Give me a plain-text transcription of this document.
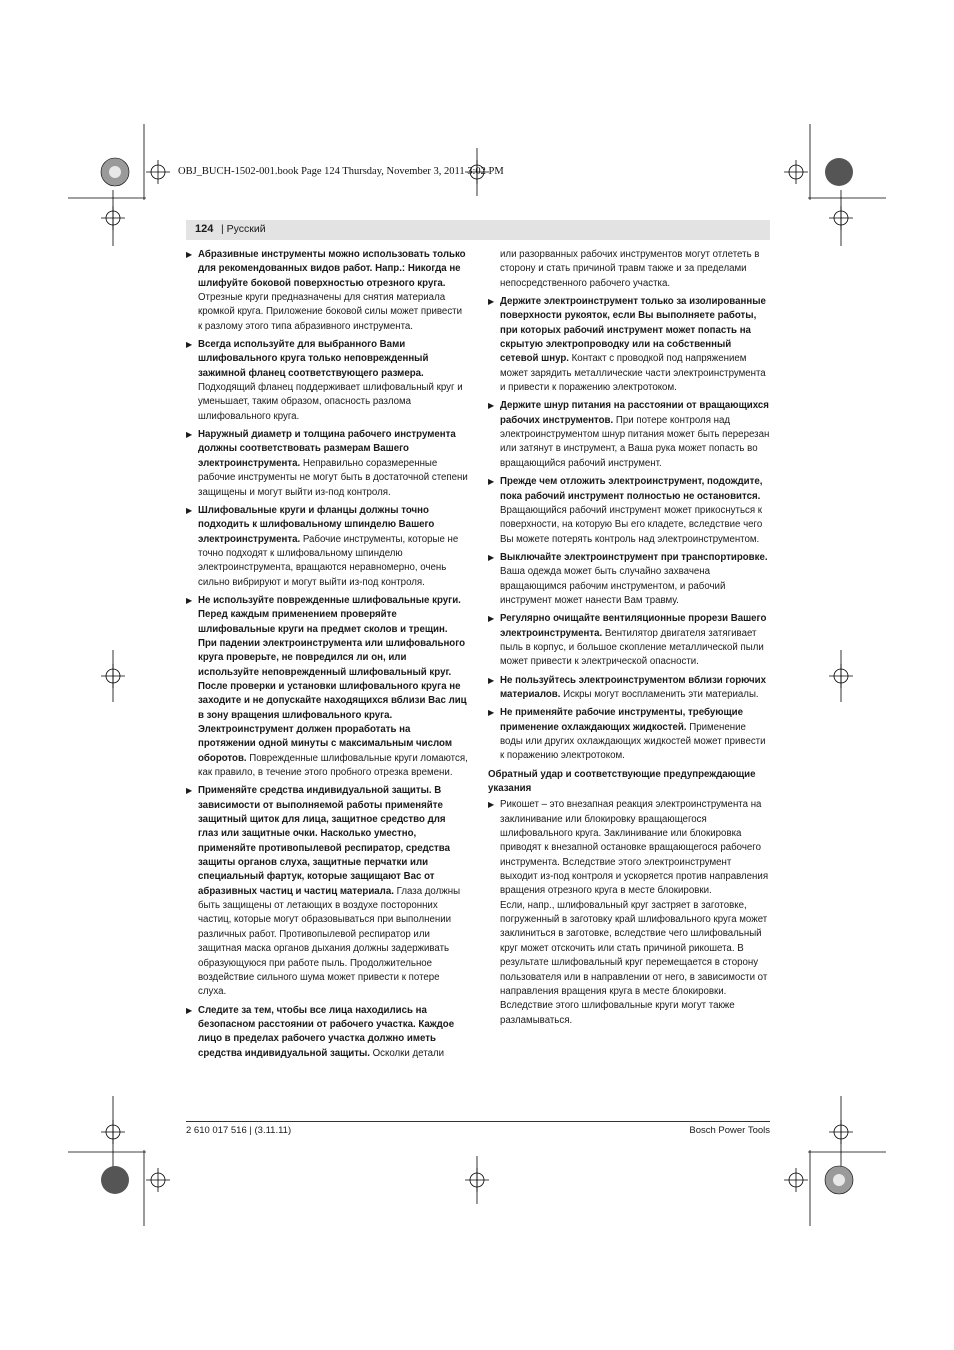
OBJ_BUCH-1502-001.book Page 124 Thursday, November 3, 2011 3:02 PM
124 | Русский
▶ Абразивные инструменты можно использовать только для рекомендованных видов работ. Напр.: Никогда не шлифуйте боковой поверхностью отрезного круга. Отрезные круги предназначены для снятия материала кромкой круга. Приложение боковой силы может привести к разлому этого типа абразивного инструмента.
▶ Всегда используйте для выбранного Вами шлифовального круга только неповрежденный зажимной фланец соответствующего размера. Подходящий фланец поддерживает шлифовальный круг и уменьшает, таким образом, опасность разлома шлифовального круга.
▶ Наружный диаметр и толщина рабочего инструмента должны соответствовать размерам Вашего электроинструмента. Неправильно соразмеренные рабочие инструменты не могут быть в достаточной степени защищены и могут выйти из-под контроля.
▶ Шлифовальные круги и фланцы должны точно подходить к шлифовальному шпинделю Вашего электроинструмента. Рабочие инструменты, которые не точно подходят к шлифовальному шпинделю электроинструмента, вращаются неравномерно, очень сильно вибрируют и могут выйти из-под контроля.
▶ Не используйте поврежденные шлифовальные круги. Перед каждым применением проверяйте шлифовальные круги на предмет сколов и трещин. При падении электроинструмента или шлифовального круга проверьте, не повредился ли он, или используйте неповрежденный шлифовальный круг. После проверки и установки шлифовального круга не заходите и не допускайте находящихся вблизи Вас лиц в зону вращения шлифовального круга. Электроинструмент должен проработать на протяжении одной минуты с максимальным числом оборотов. Поврежденные шлифовальные круги ломаются, как правило, в течение этого пробного отрезка времени.
▶ Применяйте средства индивидуальной защиты. В зависимости от выполняемой работы применяйте защитный щиток для лица, защитное средство для глаз или защитные очки. Насколько уместно, применяйте противопылевой респиратор, средства защиты органов слуха, защитные перчатки или специальный фартук, которые защищают Вас от абразивных частиц и частиц материала. Глаза должны быть защищены от летающих в воздухе посторонних частиц, которые могут образовываться при выполнении различных работ. Противопылевой респиратор или защитная маска органов дыхания должны задерживать образующуюся при работе пыль. Продолжительное воздействие сильного шума может привести к потере слуха.
▶ Следите за тем, чтобы все лица находились на безопасном расстоянии от рабочего участка. Каждое лицо в пределах рабочего участка должно иметь средства индивидуальной защиты. Осколки детали
или разорванных рабочих инструментов могут отлететь в сторону и стать причиной травм также и за пределами непосредственного рабочего участка.
▶ Держите электроинструмент только за изолированные поверхности рукояток, если Вы выполняете работы, при которых рабочий инструмент может попасть на скрытую электропроводку или на собственный сетевой шнур. Контакт с проводкой под напряжением может зарядить металлические части электроинструмента и привести к поражению электротоком.
▶ Держите шнур питания на расстоянии от вращающихся рабочих инструментов. При потере контроля над электроинструментом шнур питания может быть перерезан или затянут в инструмент, а Ваша рука может попасть во вращающийся рабочий инструмент.
▶ Прежде чем отложить электроинструмент, подождите, пока рабочий инструмент полностью не остановится. Вращающийся рабочий инструмент может прикоснуться к поверхности, на которую Вы его кладете, вследствие чего Вы можете потерять контроль над электроинструментом.
▶ Выключайте электроинструмент при транспортировке. Ваша одежда может быть случайно захвачена вращающимся рабочим инструментом, и рабочий инструмент может нанести Вам травму.
▶ Регулярно очищайте вентиляционные прорези Вашего электроинструмента. Вентилятор двигателя затягивает пыль в корпус, и большое скопление металлической пыли может привести к электрической опасности.
▶ Не пользуйтесь электроинструментом вблизи горючих материалов. Искры могут воспламенить эти материалы.
▶ Не применяйте рабочие инструменты, требующие применение охлаждающих жидкостей. Применение воды или других охлаждающих жидкостей может привести к поражению электротоком.
Обратный удар и соответствующие предупреждающие указания
▶ Рикошет – это внезапная реакция электроинструмента на заклинивание или блокировку вращающегося шлифовального круга. Заклинивание или блокировка приводят к внезапной остановке вращающегося рабочего инструмента. Вследствие этого электроинструмент выходит из-под контроля и ускоряется против направления вращения отрезного круга в месте блокировки.
Если, напр., шлифовальный круг застряет в заготовке, погруженный в заготовку край шлифовального круга может заклиниться в заготовке, вследствие чего шлифовальный круг может отскочить или стать причиной рикошета. В результате шлифовальный круг перемещается в сторону пользователя или в направлении от него, в зависимости от направления вращения круга в месте блокировки. Вследствие этого шлифовальные круги могут также разламываться.
2 610 017 516 | (3.11.11)	Bosch Power Tools
